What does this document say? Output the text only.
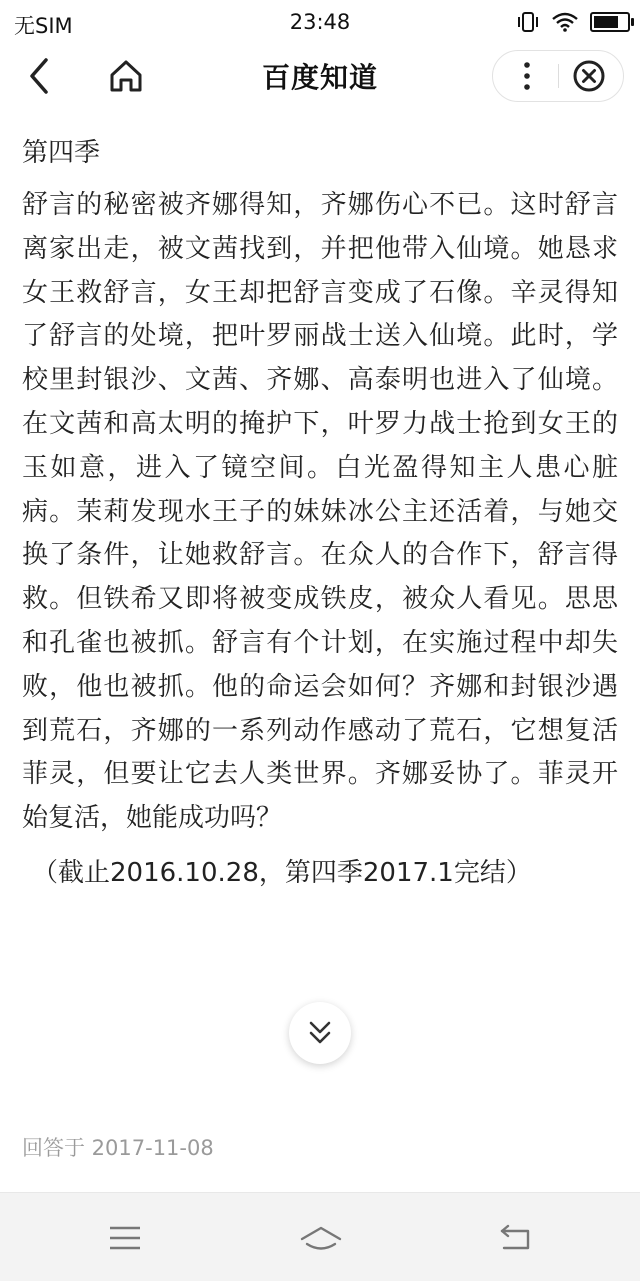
无SIM	23:48
百度知道
第四季
舒言的秘密被齐娜得知，齐娜伤心不已。这时舒言离家出走，被文茜找到，并把他带入仙境。她恳求女王救舒言，女王却把舒言变成了石像。辛灵得知了舒言的处境，把叶罗丽战士送入仙境。此时，学校里封银沙、文茜、齐娜、高泰明也进入了仙境。在文茜和高太明的掩护下，叶罗力战士抢到女王的玉如意，进入了镜空间。白光盈得知主人患心脏病。茉莉发现水王子的妹妹冰公主还活着，与她交换了条件，让她救舒言。在众人的合作下，舒言得救。但铁希又即将被变成铁皮，被众人看见。思思和孔雀也被抓。舒言有个计划，在实施过程中却失败，他也被抓。他的命运会如何？齐娜和封银沙遇到荒石，齐娜的一系列动作感动了荒石，它想复活菲灵，但要让它去人类世界。齐娜妥协了。菲灵开始复活，她能成功吗？
（截止2016.10.28，第四季2017.1完结）
回答于 2017-11-08
